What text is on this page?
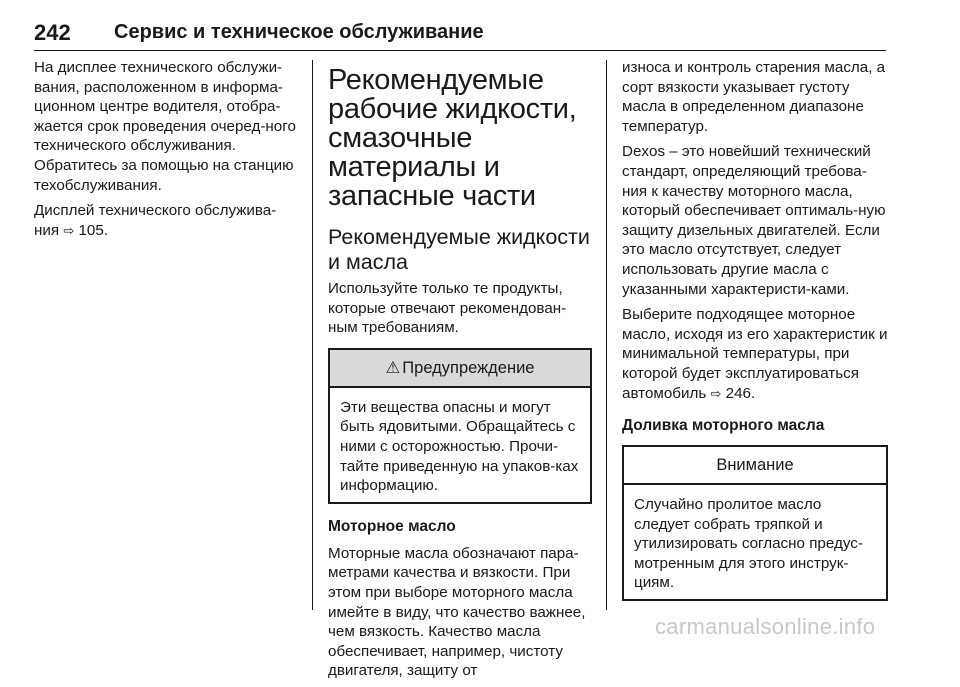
242 Сервис и техническое обслуживание

На дисплее технического обслужи-вания, расположенном в информа-ционном центре водителя, отобра-жается срок проведения очеред-ного технического обслуживания. Обратитесь за помощью на станцию техобслуживания.

Дисплей технического обслужива-ния ⇨ 105.

Рекомендуемые рабочие жидкости, смазочные материалы и запасные части
Рекомендуемые жидкости и масла

Используйте только те продукты, которые отвечают рекомендован-ным требованиям.

⚠ Предупреждение

Эти вещества опасны и могут быть ядовитыми. Обращайтесь с ними с осторожностью. Прочи-тайте приведенную на упаков-ках информацию.

Моторное масло

Моторные масла обозначают пара-метрами качества и вязкости. При этом при выборе моторного масла имейте в виду, что качество важнее, чем вязкость. Качество масла обеспечивает, например, чистоту двигателя, защиту от

износа и контроль старения масла, а сорт вязкости указывает густоту масла в определенном диапазоне температур.

Dexos – это новейший технический стандарт, определяющий требова-ния к качеству моторного масла, который обеспечивает оптималь-ную защиту дизельных двигателей. Если это масло отсутствует, следует использовать другие масла с указанными характеристи-ками.

Выберите подходящее моторное масло, исходя из его характеристик и минимальной температуры, при которой будет эксплуатироваться автомобиль ⇨ 246.

Доливка моторного масла
Внимание

Случайно пролитое масло следует собрать тряпкой и утилизировать согласно предус-мотренным для этого инструк-циям.

carmanualsonline.info
